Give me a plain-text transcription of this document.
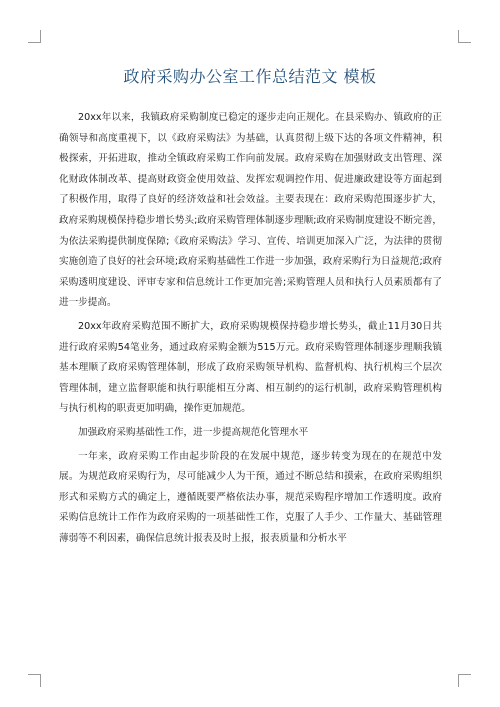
政府采购办公室工作总结范文 模板

20xx年以来，我镇政府采购制度已稳定的逐步走向正规化。在县采购办、镇政府的正确领导和高度重视下，以《政府采购法》为基础，认真贯彻上级下达的各项文件精神，积极探索，开拓进取，推动全镇政府采购工作向前发展。政府采购在加强财政支出管理、深化财政体制改革、提高财政资金使用效益、发挥宏观调控作用、促进廉政建设等方面起到了积极作用，取得了良好的经济效益和社会效益。主要表现在：政府采购范围逐步扩大，政府采购规模保持稳步增长势头;政府采购管理体制逐步理顺;政府采购制度建设不断完善，为依法采购提供制度保障;《政府采购法》学习、宣传、培训更加深入广泛，为法律的贯彻实施创造了良好的社会环境;政府采购基础性工作进一步加强，政府采购行为日益规范;政府采购透明度建设、评审专家和信息统计工作更加完善;采购管理人员和执行人员素质都有了进一步提高。

20xx年政府采购范围不断扩大，政府采购规模保持稳步增长势头，截止11月30日共进行政府采购54笔业务，通过政府采购金额为515万元。政府采购管理体制逐步理顺我镇基本理顺了政府采购管理体制，形成了政府采购领导机构、监督机构、执行机构三个层次管理体制，建立监督职能和执行职能相互分离、相互制约的运行机制，政府采购管理机构与执行机构的职责更加明确，操作更加规范。

加强政府采购基础性工作，进一步提高规范化管理水平

一年来，政府采购工作由起步阶段的在发展中规范，逐步转变为现在的在规范中发展。为规范政府采购行为，尽可能减少人为干预，通过不断总结和摸索，在政府采购组织形式和采购方式的确定上，遵循既要严格依法办事，规范采购程序增加工作透明度。政府采购信息统计工作作为政府采购的一项基础性工作，克服了人手少、工作量大、基础管理薄弱等不利因素，确保信息统计报表及时上报，报表质量和分析水平
